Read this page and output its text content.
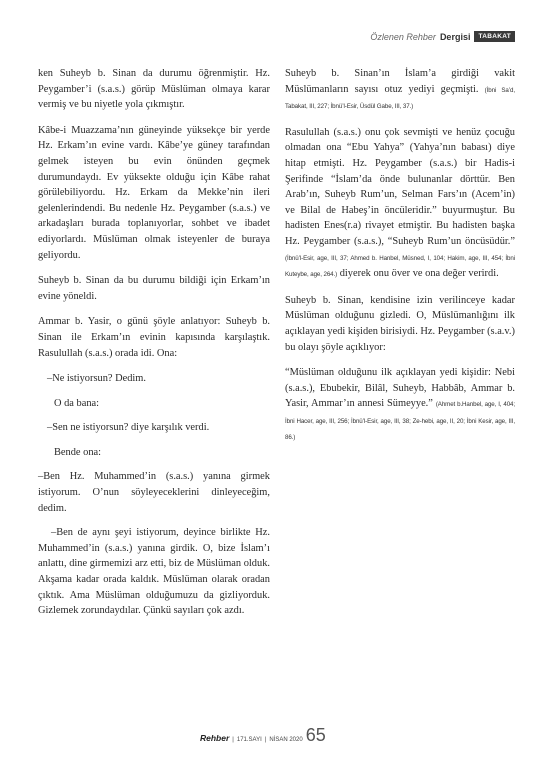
Özlenen Rehber Dergisi	TABAKAT

ken Suheyb b. Sinan da durumu öğrenmiştir. Hz. Peygamber’i (s.a.s.) görüp Müslüman olmaya karar vermiş ve bu niyetle yola çıkmıştır.

Kâbe-i Muazzama’nın güneyinde yüksekçe bir yerde Hz. Erkam’ın evine vardı. Kâbe’ye güney tarafından gelmek isteyen bu evin önünden geçmek durumundaydı. Ev yüksekte olduğu için Kâbe rahat görülebiliyordu. Hz. Erkam da Mekke’nin ileri gelenlerindendi. Bu nedenle Hz. Peygamber (s.a.s.) ve arkadaşları burada toplanıyorlar, sohbet ve ibadet ediyorlardı. Müslüman olmak isteyenler de buraya geliyordu.

Suheyb b. Sinan da bu durumu bildiği için Erkam’ın evine yöneldi.

Ammar b. Yasir, o günü şöyle anlatıyor: Suheyb b. Sinan ile Erkam’ın evinin kapısında karşılaştık. Rasulullah (s.a.s.) orada idi. Ona:

–Ne istiyorsun? Dedim.

O da bana:

–Sen ne istiyorsun? diye karşılık verdi.

Bende ona:

–Ben Hz. Muhammed’in (s.a.s.) yanına girmek istiyorum. O’nun söyleyeceklerini dinleyeceğim, dedim.

–Ben de aynı şeyi istiyorum, deyince birlikte Hz. Muhammed’in (s.a.s.) yanına girdik. O, bize İslam’ı anlattı, dine girmemizi arz etti, biz de Müslüman olduk. Akşama kadar orada kaldık. Müslüman olarak oradan çıktık. Ama Müslüman olduğumuzu da gizliyorduk. Gizlemek zorundaydılar. Çünkü sayıları çok azdı.

Suheyb b. Sinan’ın İslam’a girdiği vakit Müslümanların sayısı otuz yediyi geçmişti. (İbni Sa’d, Tabakat, III, 227; İbnü’l-Esir, Üsdül Gabe, III, 37.)

Rasulullah (s.a.s.) onu çok sevmişti ve henüz çocuğu olmadan ona “Ebu Yahya” (Yahya’nın babası) diye hitap etmişti. Hz. Peygamber (s.a.s.) bir Hadis-i Şerifinde “İslam’da önde bulunanlar dörttür. Ben Arab’ın, Suheyb Rum’un, Selman Fars’ın (Acem’in) ve Bilal de Habeş’in öncüleridir.” buyurmuştur. Bu hadisten Enes(r.a) rivayet etmiştir. Bu hadisten başka Hz. Peygamber (s.a.s.), “Suheyb Rum’un öncüsüdür.” (İbnü’l-Esir, age, III, 37; Ahmed b. Hanbel, Müsned, I, 104; Hakim, age, III, 454; İbni Kuteybe, age, 264.) diyerek onu över ve ona değer verirdi.

Suheyb b. Sinan, kendisine izin verilinceye kadar Müslüman olduğunu gizledi. O, Müslümanlığını ilk açıklayan yedi kişiden birisiydi. Hz. Peygamber (s.a.v.) bu olayı şöyle açıklıyor:

“Müslüman olduğunu ilk açıklayan yedi kişidir: Nebi (s.a.s.), Ebubekir, Bilâl, Suheyb, Habbâb, Ammar b. Yasir, Ammar’ın annesi Sümeyye.” (Ahmet b.Hanbel, age, I, 404; İbni Hacer, age, III, 256; İbnü’l-Esir, age, III, 38; Ze-hebi, age, II, 20; İbni Kesir, age, III, 86.)

Rehber | 171.SAYI | NİSAN 2020 65
